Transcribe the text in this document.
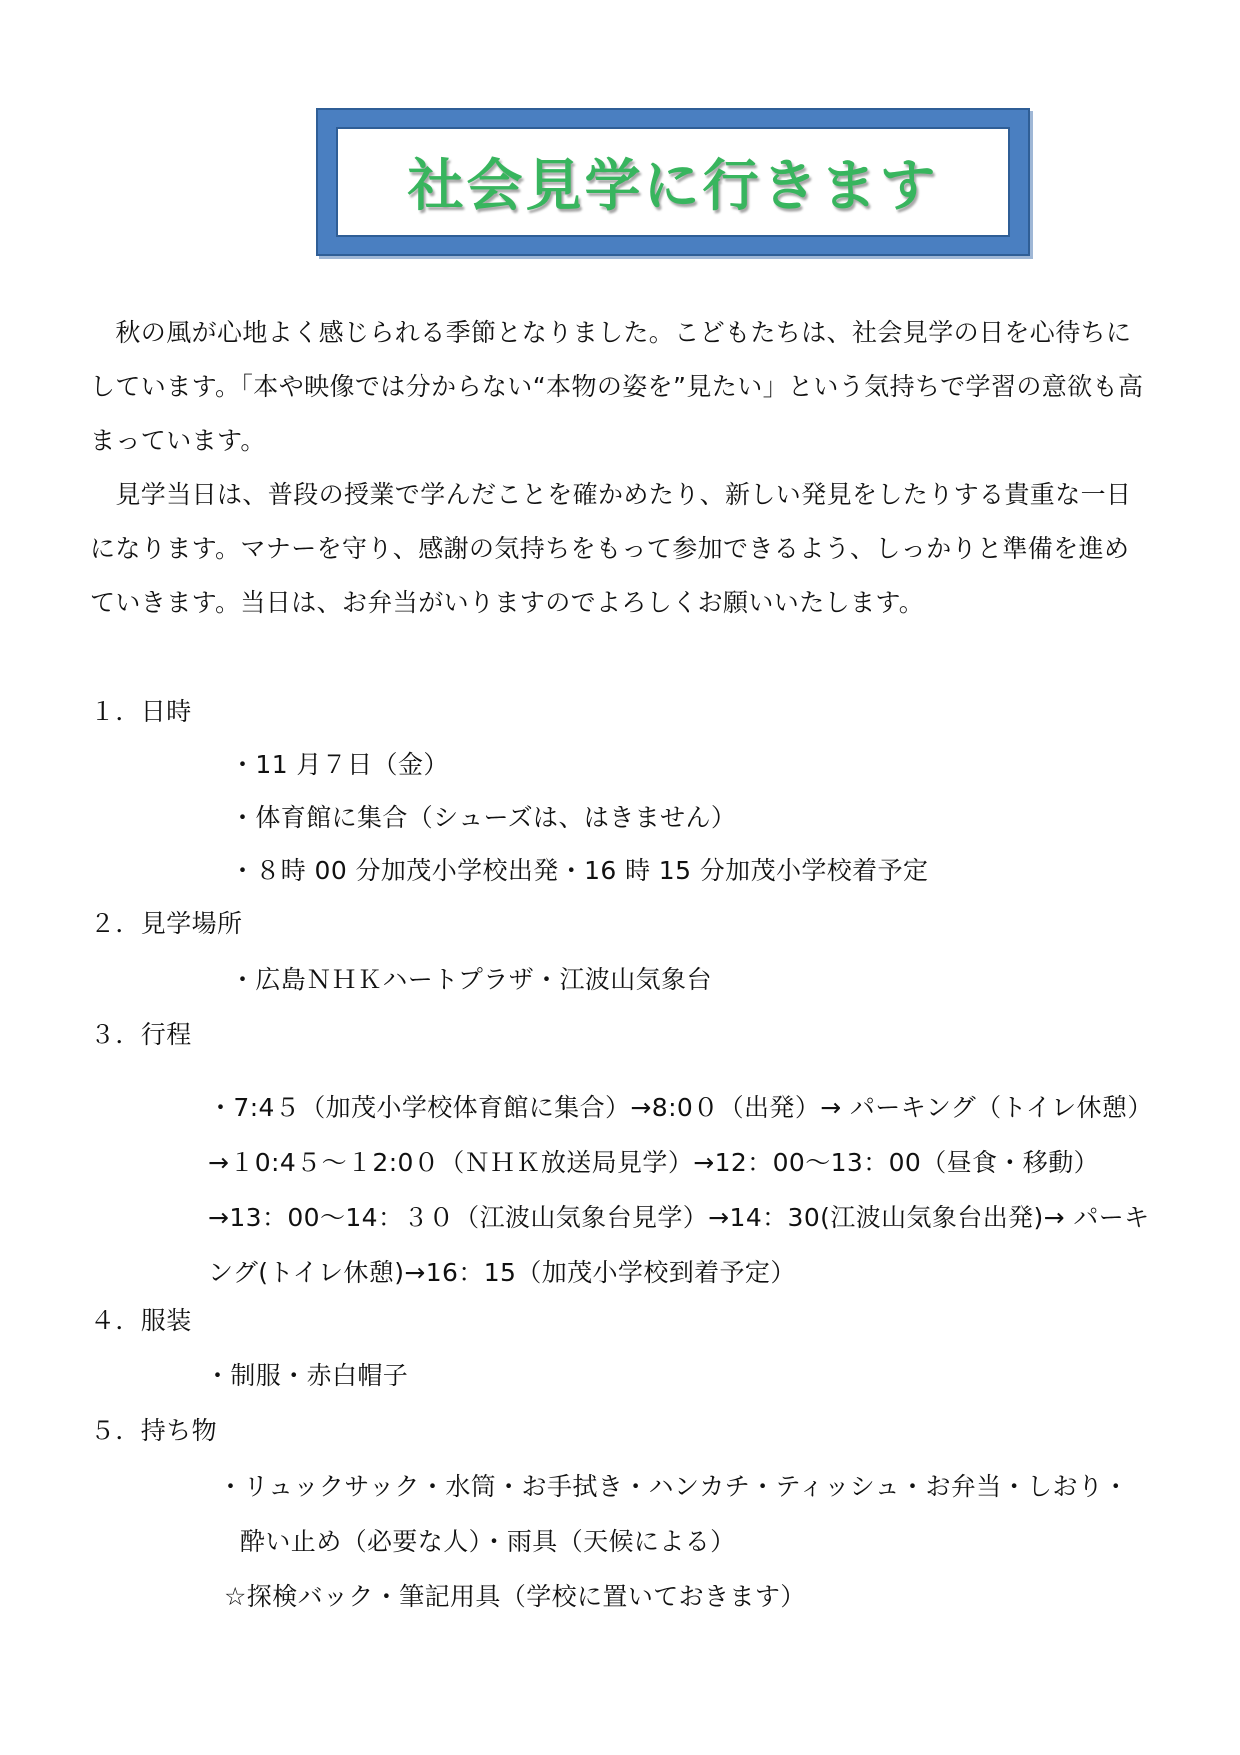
社会見学に行きます
　秋の風が心地よく感じられる季節となりました。こどもたちは、社会見学の日を心待ちにしています。「本や映像では分からない“本物の姿を”見たい」という気持ちで学習の意欲も高まっています。
　見学当日は、普段の授業で学んだことを確かめたり、新しい発見をしたりする貴重な一日になります。マナーを守り、感謝の気持ちをもって参加できるよう、しっかりと準備を進めていきます。当日は、お弁当がいりますのでよろしくお願いいたします。
１．日時
・11 月７日（金）
・体育館に集合（シューズは、はきません）
・８時 00 分加茂小学校出発・16 時 15 分加茂小学校着予定
２．見学場所
・広島ＮＨＫハートプラザ・江波山気象台
３．行程
・7:4５（加茂小学校体育館に集合）→8:0０（出発）→ パーキング（トイレ休憩）→１0:4５～１2:0０（ＮＨＫ放送局見学）→12：00～13：00（昼食・移動）→13：00～14：３０（江波山気象台見学）→14：30(江波山気象台出発)→ パーキング(トイレ休憩)→16：15（加茂小学校到着予定）
４．服装
・制服・赤白帽子
５．持ち物
・リュックサック・水筒・お手拭き・ハンカチ・ティッシュ・お弁当・しおり・
酔い止め（必要な人）・雨具（天候による）
☆探検バック・筆記用具（学校に置いておきます）
